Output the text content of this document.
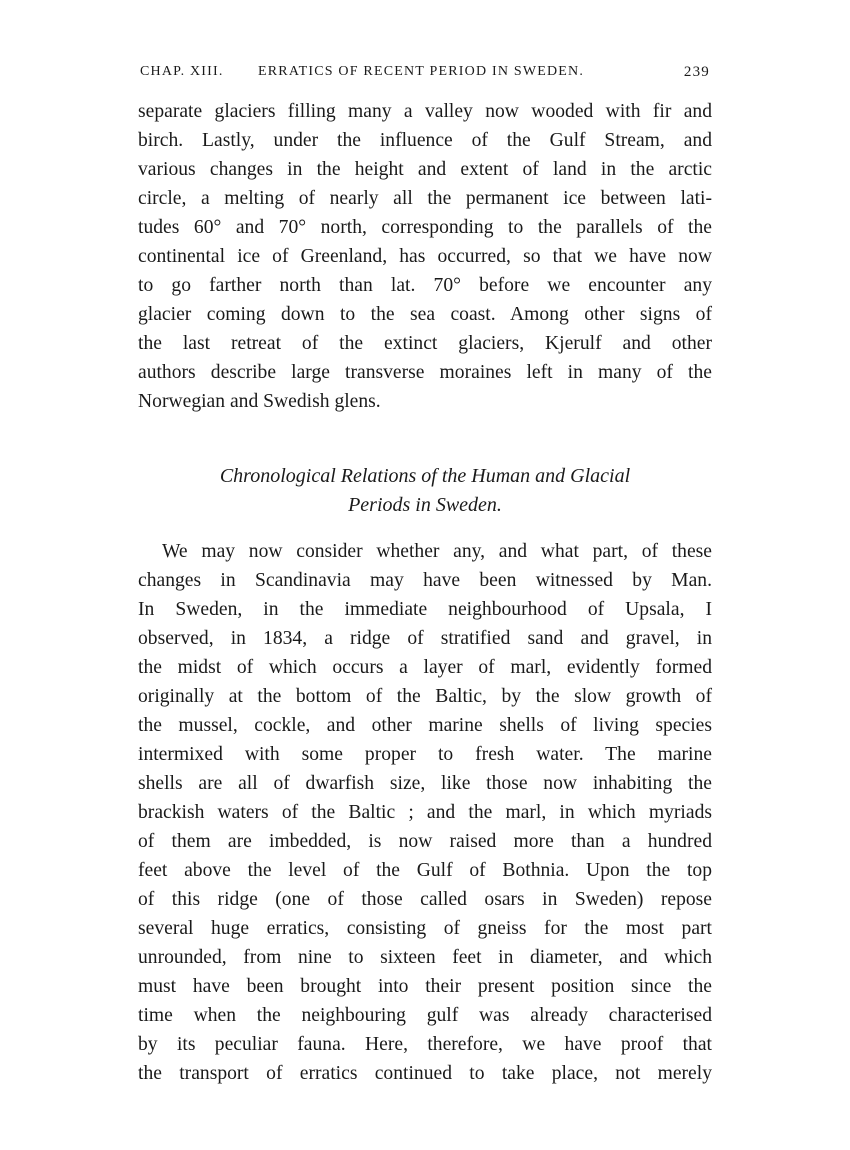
CHAP. XIII. ERRATICS OF RECENT PERIOD IN SWEDEN.	239
separate glaciers filling many a valley now wooded with fir and
birch. Lastly, under the influence of the Gulf Stream, and
various changes in the height and extent of land in the arctic
circle, a melting of nearly all the permanent ice between lati-
tudes 60° and 70° north, corresponding to the parallels of the
continental ice of Greenland, has occurred, so that we have now
to go farther north than lat. 70° before we encounter any
glacier coming down to the sea coast. Among other signs of
the last retreat of the extinct glaciers, Kjerulf and other
authors describe large transverse moraines left in many of the
Norwegian and Swedish glens.
Chronological Relations of the Human and Glacial
Periods in Sweden.
We may now consider whether any, and what part, of these
changes in Scandinavia may have been witnessed by Man.
In Sweden, in the immediate neighbourhood of Upsala, I
observed, in 1834, a ridge of stratified sand and gravel, in
the midst of which occurs a layer of marl, evidently formed
originally at the bottom of the Baltic, by the slow growth of
the mussel, cockle, and other marine shells of living species
intermixed with some proper to fresh water. The marine
shells are all of dwarfish size, like those now inhabiting the
brackish waters of the Baltic ; and the marl, in which myriads
of them are imbedded, is now raised more than a hundred
feet above the level of the Gulf of Bothnia. Upon the top
of this ridge (one of those called osars in Sweden) repose
several huge erratics, consisting of gneiss for the most part
unrounded, from nine to sixteen feet in diameter, and which
must have been brought into their present position since the
time when the neighbouring gulf was already characterised
by its peculiar fauna. Here, therefore, we have proof that
the transport of erratics continued to take place, not merely
